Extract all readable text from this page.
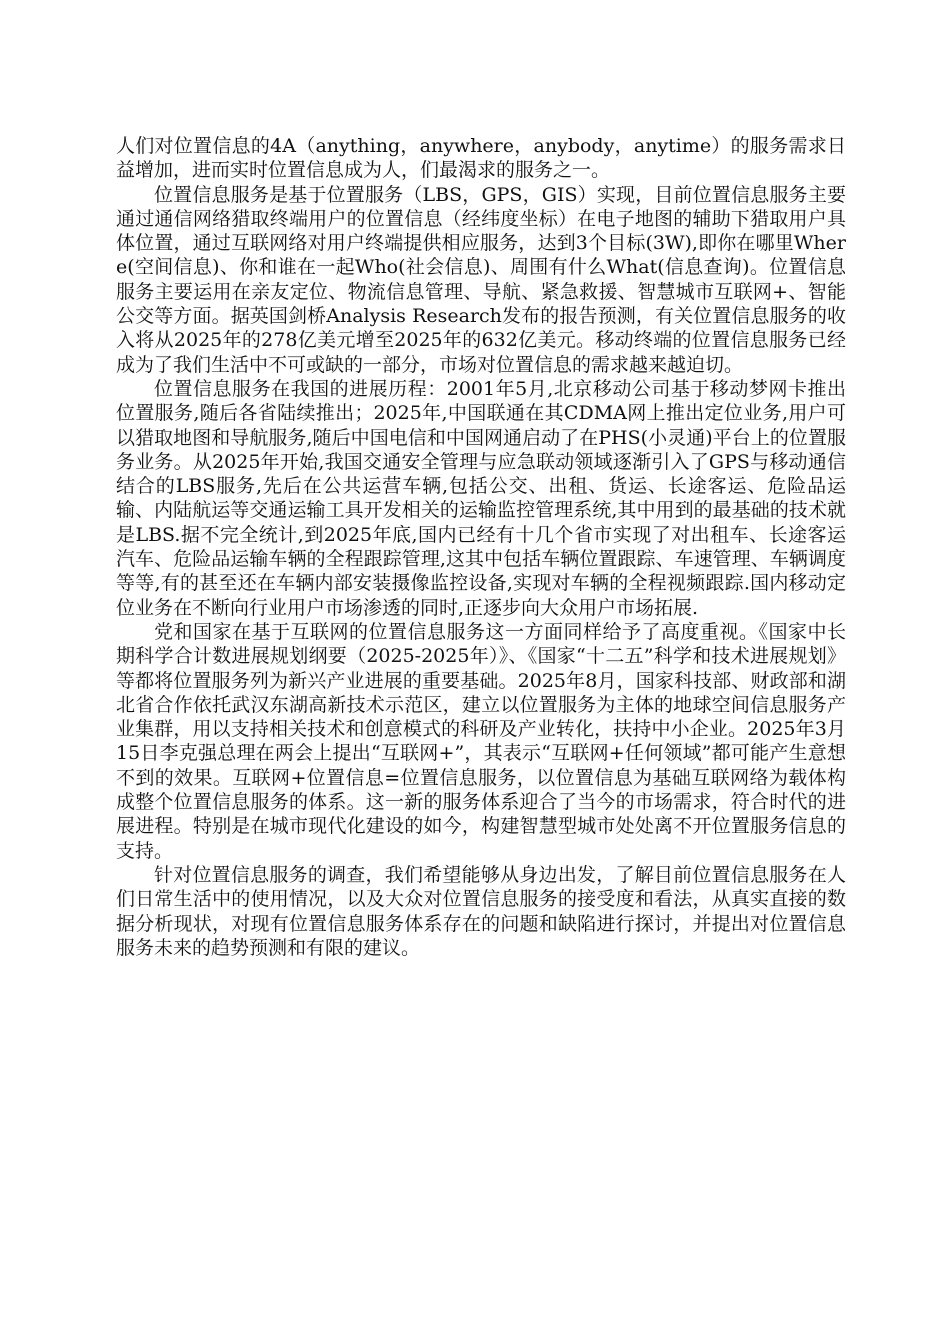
人们对位置信息的4A（anything，anywhere，anybody，anytime）的服务需求日益增加，进而实时位置信息成为人，们最渴求的服务之一。

位置信息服务是基于位置服务（LBS，GPS，GIS）实现，目前位置信息服务主要通过通信网络猎取终端用户的位置信息（经纬度坐标）在电子地图的辅助下猎取用户具体位置，通过互联网络对用户终端提供相应服务，达到3个目标(3W),即你在哪里Where(空间信息)、你和谁在一起Who(社会信息)、周围有什么What(信息查询)。位置信息服务主要运用在亲友定位、物流信息管理、导航、紧急救援、智慧城市互联网+、智能公交等方面。据英国剑桥Analysis Research发布的报告预测，有关位置信息服务的收入将从2025年的278亿美元增至2025年的632亿美元。移动终端的位置信息服务已经成为了我们生活中不可或缺的一部分，市场对位置信息的需求越来越迫切。

位置信息服务在我国的进展历程：2001年5月,北京移动公司基于移动梦网卡推出位置服务,随后各省陆续推出；2025年,中国联通在其CDMA网上推出定位业务,用户可以猎取地图和导航服务,随后中国电信和中国网通启动了在PHS(小灵通)平台上的位置服务业务。从2025年开始,我国交通安全管理与应急联动领域逐渐引入了GPS与移动通信结合的LBS服务,先后在公共运营车辆,包括公交、出租、货运、长途客运、危险品运输、内陆航运等交通运输工具开发相关的运输监控管理系统,其中用到的最基础的技术就是LBS.据不完全统计,到2025年底,国内已经有十几个省市实现了对出租车、长途客运汽车、危险品运输车辆的全程跟踪管理,这其中包括车辆位置跟踪、车速管理、车辆调度等等,有的甚至还在车辆内部安装摄像监控设备,实现对车辆的全程视频跟踪.国内移动定位业务在不断向行业用户市场渗透的同时,正逐步向大众用户市场拓展.

党和国家在基于互联网的位置信息服务这一方面同样给予了高度重视。《国家中长期科学合计数进展规划纲要（2025-2025年）》、《国家“十二五”科学和技术进展规划》等都将位置服务列为新兴产业进展的重要基础。2025年8月，国家科技部、财政部和湖北省合作依托武汉东湖高新技术示范区，建立以位置服务为主体的地球空间信息服务产业集群，用以支持相关技术和创意模式的科研及产业转化，扶持中小企业。2025年3月15日李克强总理在两会上提出“互联网+”，其表示“互联网+任何领域”都可能产生意想不到的效果。互联网+位置信息=位置信息服务，以位置信息为基础互联网络为载体构成整个位置信息服务的体系。这一新的服务体系迎合了当今的市场需求，符合时代的进展进程。特别是在城市现代化建设的如今，构建智慧型城市处处离不开位置服务信息的支持。

针对位置信息服务的调查，我们希望能够从身边出发，了解目前位置信息服务在人们日常生活中的使用情况，以及大众对位置信息服务的接受度和看法，从真实直接的数据分析现状，对现有位置信息服务体系存在的问题和缺陷进行探讨，并提出对位置信息服务未来的趋势预测和有限的建议。
